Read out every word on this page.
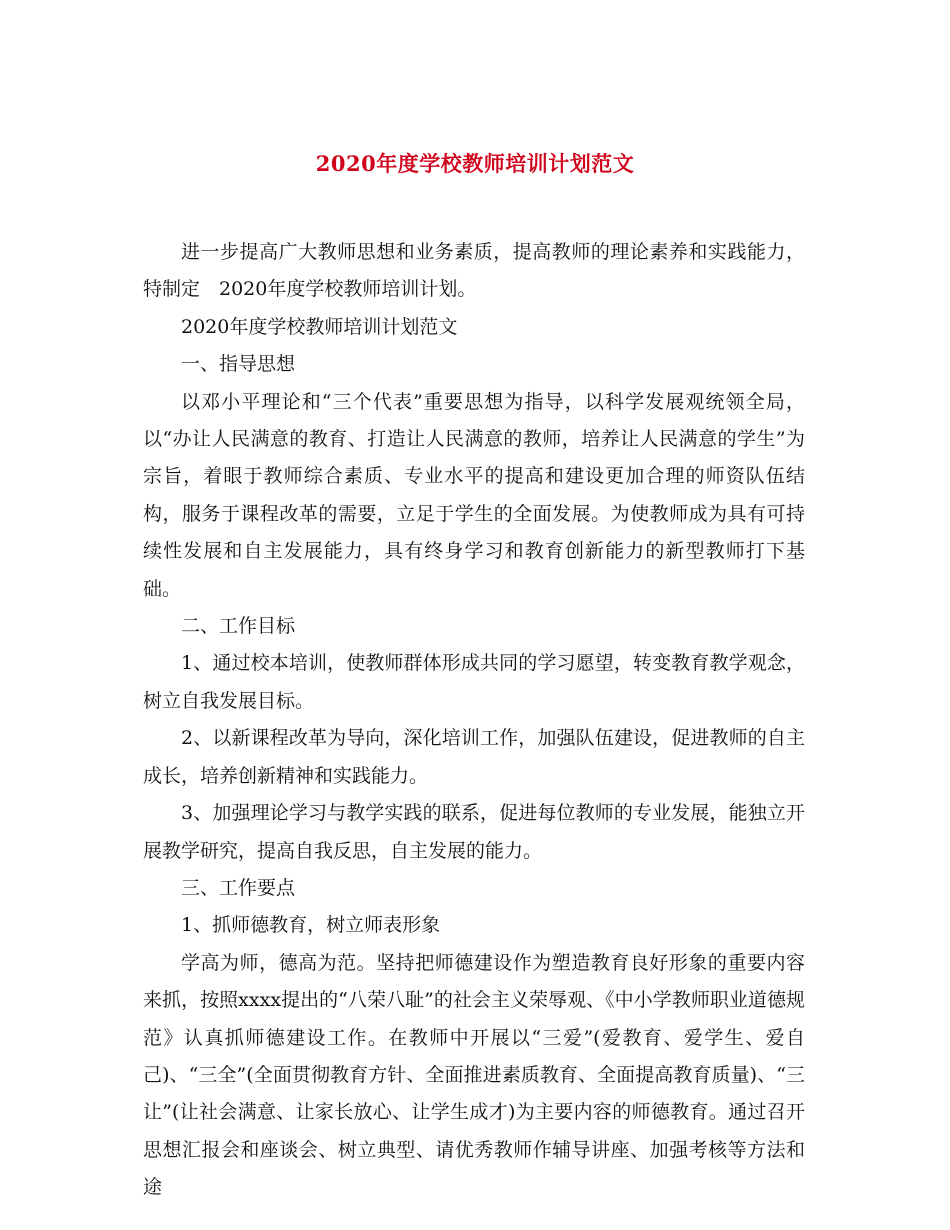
2020年度学校教师培训计划范文

进一步提高广大教师思想和业务素质，提高教师的理论素养和实践能力，特制定　2020年度学校教师培训计划。

2020年度学校教师培训计划范文

一、指导思想

以邓小平理论和“三个代表”重要思想为指导，以科学发展观统领全局，以“办让人民满意的教育、打造让人民满意的教师，培养让人民满意的学生”为宗旨，着眼于教师综合素质、专业水平的提高和建设更加合理的师资队伍结构，服务于课程改革的需要，立足于学生的全面发展。为使教师成为具有可持续性发展和自主发展能力，具有终身学习和教育创新能力的新型教师打下基础。

二、工作目标

1、通过校本培训，使教师群体形成共同的学习愿望，转变教育教学观念，树立自我发展目标。

2、以新课程改革为导向，深化培训工作，加强队伍建设，促进教师的自主成长，培养创新精神和实践能力。

3、加强理论学习与教学实践的联系，促进每位教师的专业发展，能独立开展教学研究，提高自我反思，自主发展的能力。

三、工作要点

1、抓师德教育，树立师表形象

学高为师，德高为范。坚持把师德建设作为塑造教育良好形象的重要内容来抓，按照xxxx提出的“八荣八耻”的社会主义荣辱观、《中小学教师职业道德规范》认真抓师德建设工作。在教师中开展以“三爱”(爱教育、爱学生、爱自己)、“三全”(全面贯彻教育方针、全面推进素质教育、全面提高教育质量)、“三让”(让社会满意、让家长放心、让学生成才)为主要内容的师德教育。通过召开思想汇报会和座谈会、树立典型、请优秀教师作辅导讲座、加强考核等方法和途
